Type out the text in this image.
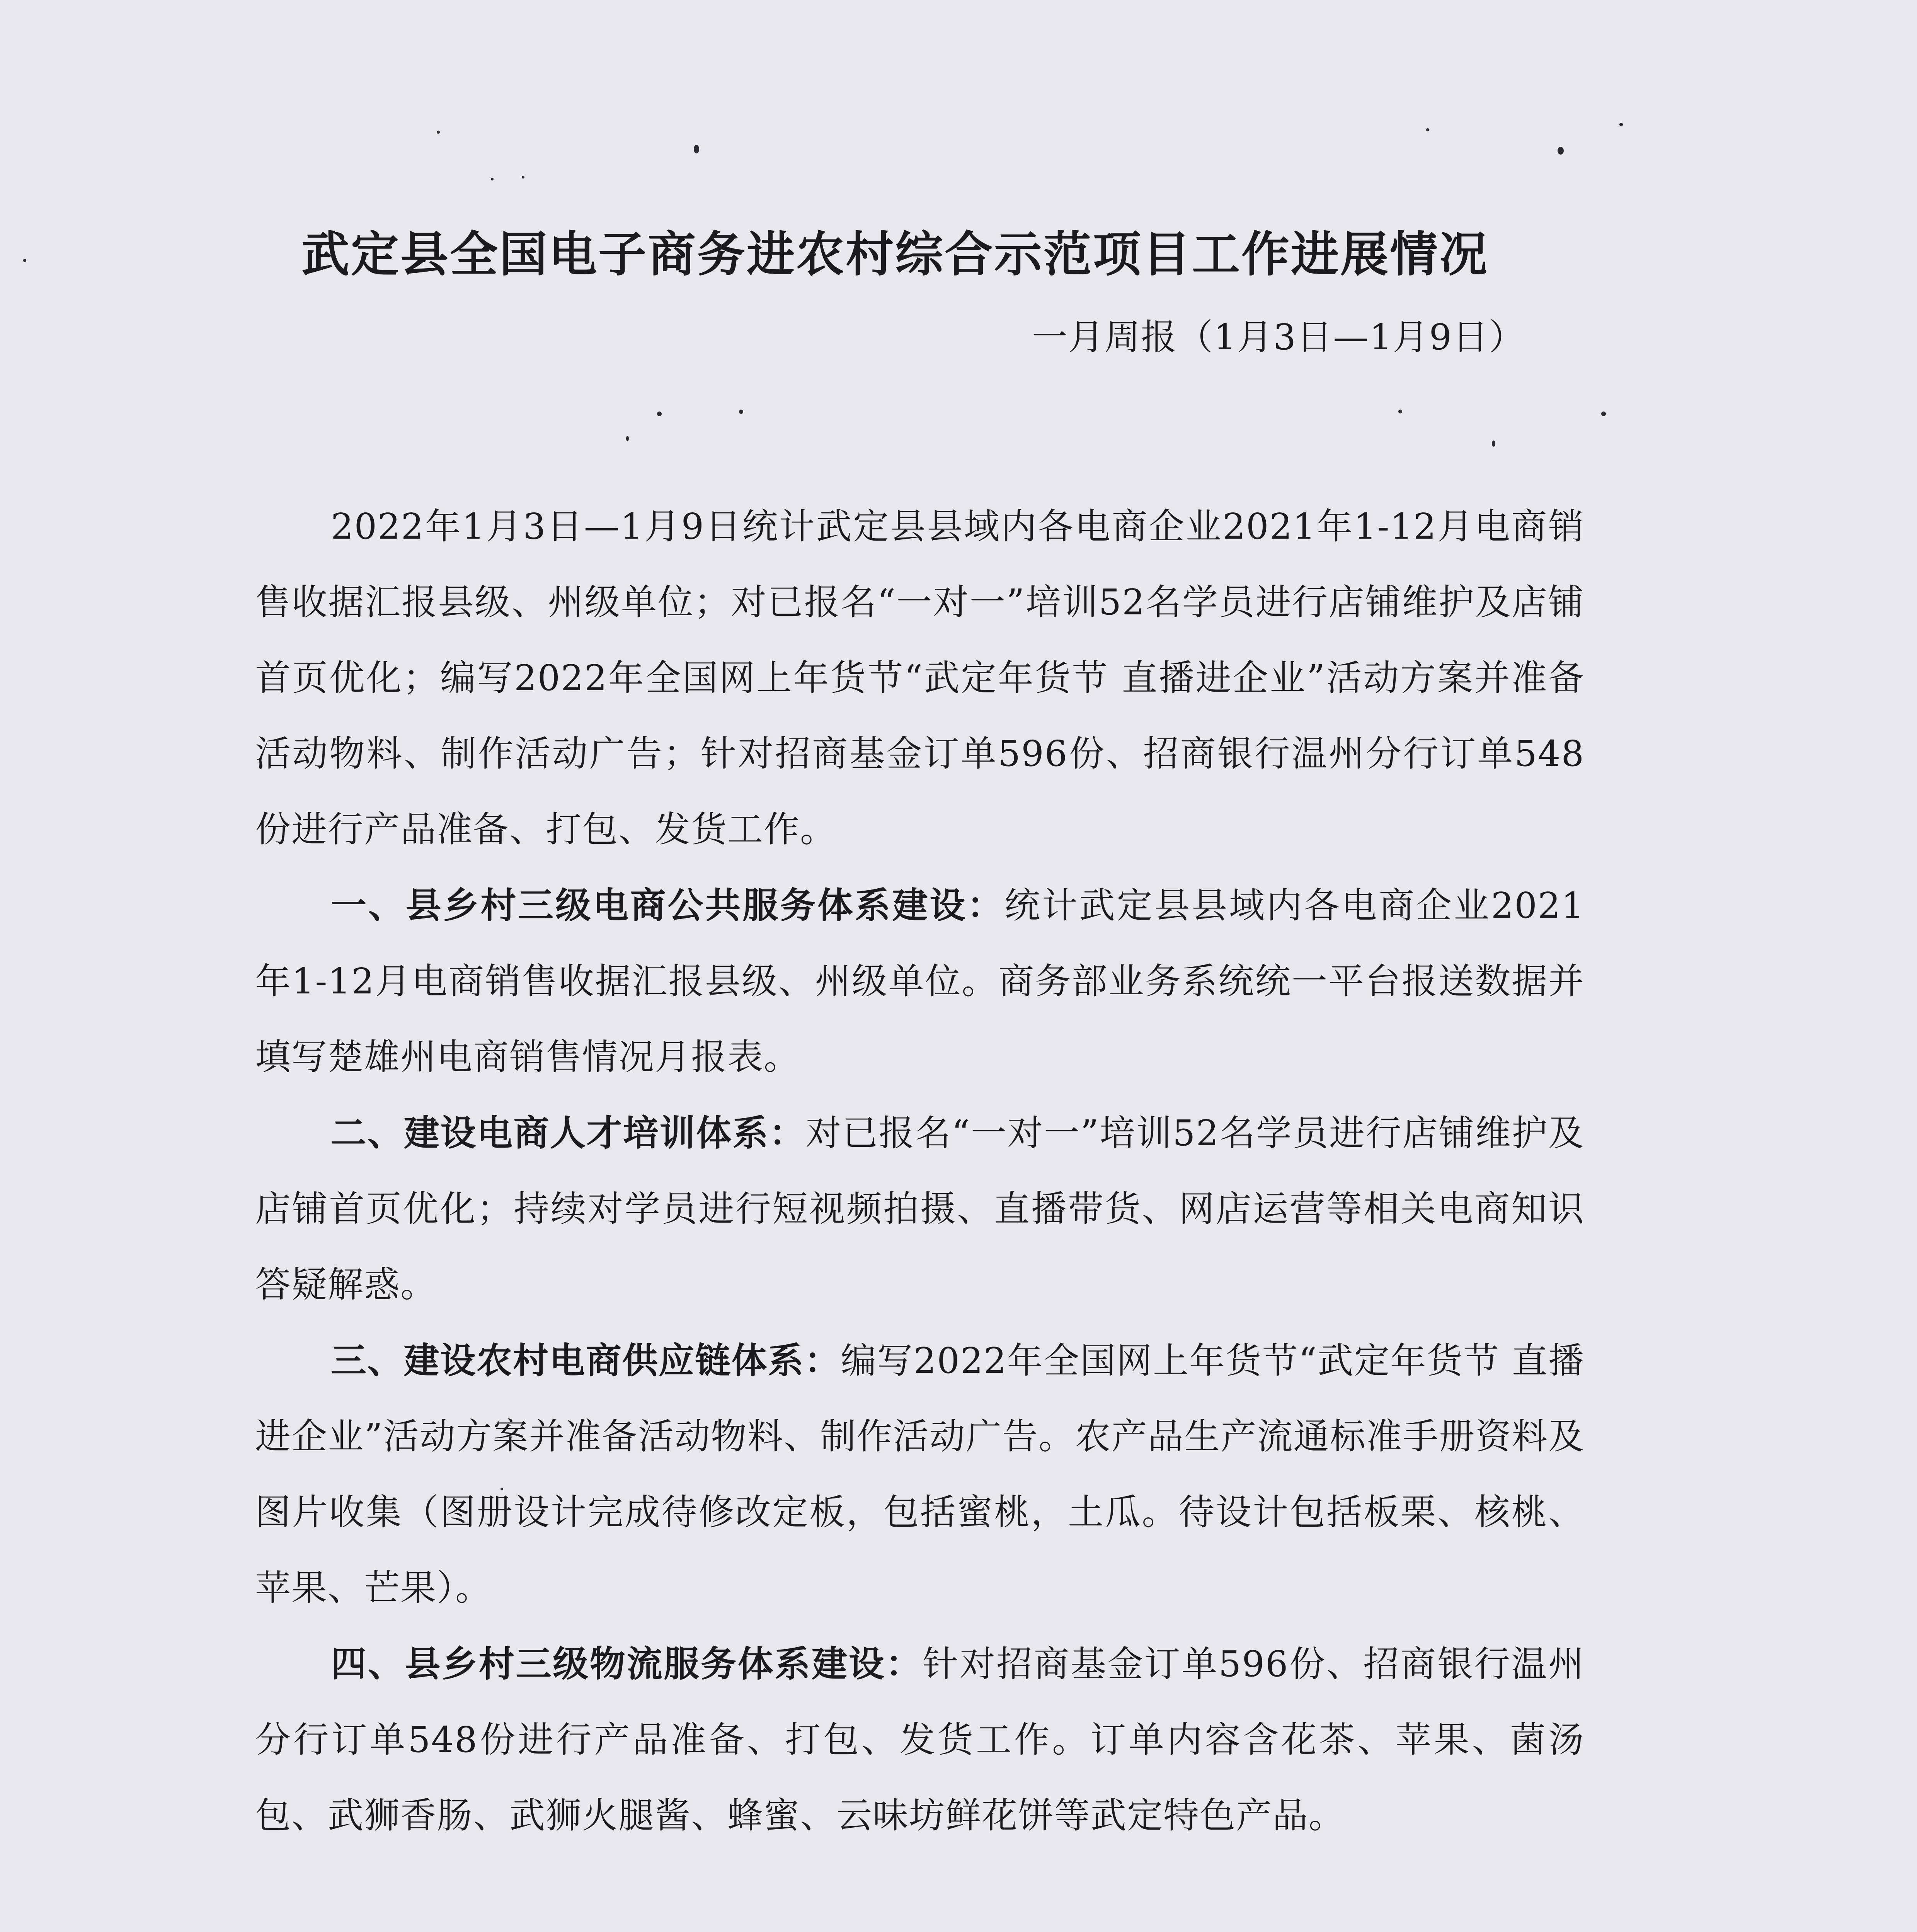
武定县全国电子商务进农村综合示范项目工作进展情况
一月周报（1月3日—1月9日）

2022年1月3日—1月9日统计武定县县域内各电商企业2021年1-12月电商销售收据汇报县级、州级单位；对已报名“一对一”培训52名学员进行店铺维护及店铺首页优化；编写2022年全国网上年货节“武定年货节 直播进企业”活动方案并准备活动物料、制作活动广告；针对招商基金订单596份、招商银行温州分行订单548份进行产品准备、打包、发货工作。

一、县乡村三级电商公共服务体系建设：统计武定县县域内各电商企业2021年1-12月电商销售收据汇报县级、州级单位。商务部业务系统统一平台报送数据并填写楚雄州电商销售情况月报表。

二、建设电商人才培训体系：对已报名“一对一”培训52名学员进行店铺维护及店铺首页优化；持续对学员进行短视频拍摄、直播带货、网店运营等相关电商知识答疑解惑。

三、建设农村电商供应链体系：编写2022年全国网上年货节“武定年货节 直播进企业”活动方案并准备活动物料、制作活动广告。农产品生产流通标准手册资料及图片收集（图册设计完成待修改定板，包括蜜桃，土瓜。待设计包括板栗、核桃、苹果、芒果）。

四、县乡村三级物流服务体系建设：针对招商基金订单596份、招商银行温州分行订单548份进行产品准备、打包、发货工作。订单内容含花茶、苹果、菌汤包、武狮香肠、武狮火腿酱、蜂蜜、云味坊鲜花饼等武定特色产品。
